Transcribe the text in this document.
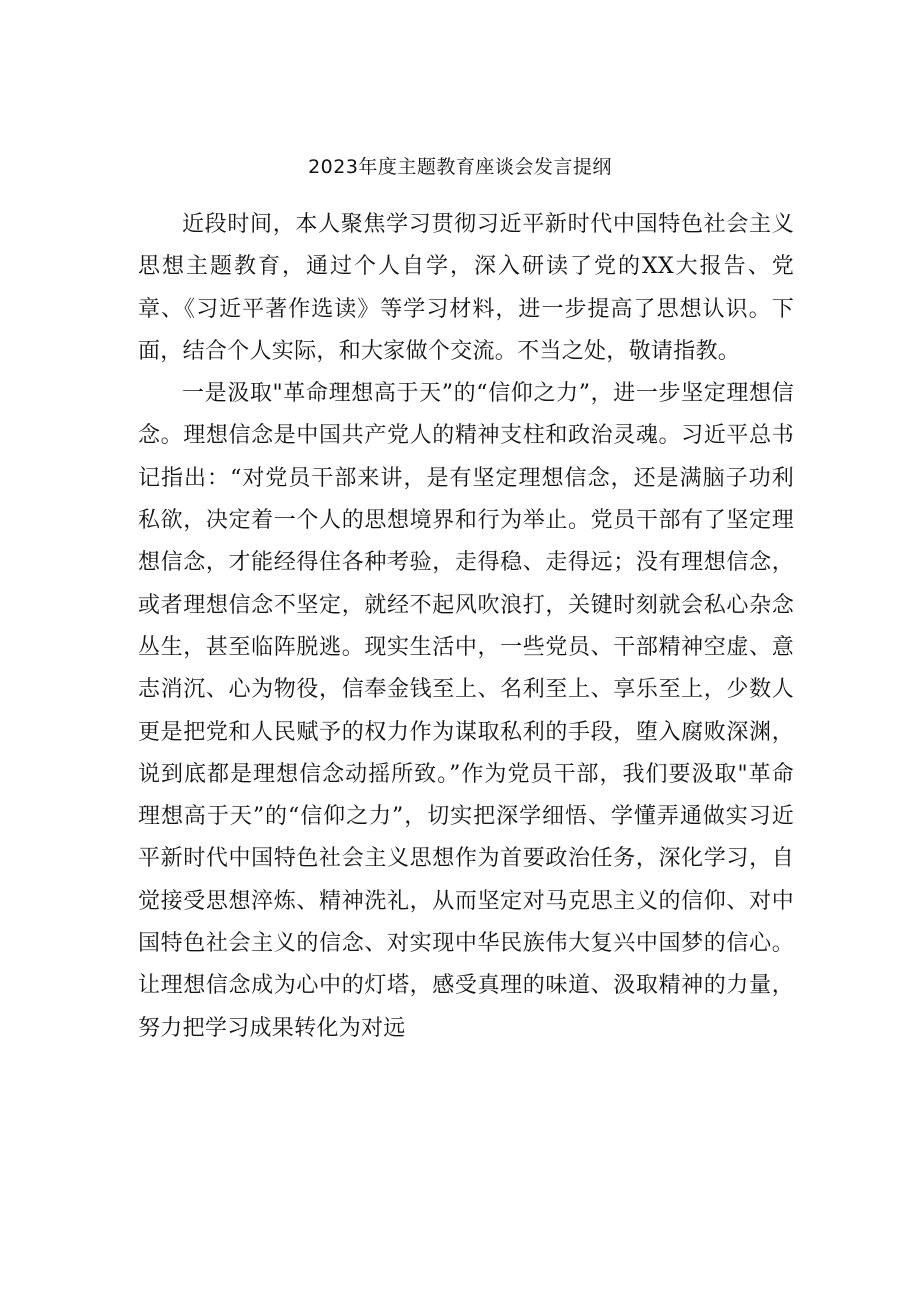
2023年度主题教育座谈会发言提纲

近段时间，本人聚焦学习贯彻习近平新时代中国特色社会主义思想主题教育，通过个人自学，深入研读了党的XX大报告、党章、《习近平著作选读》等学习材料，进一步提高了思想认识。下面，结合个人实际，和大家做个交流。不当之处，敬请指教。

一是汲取"革命理想高于天”的“信仰之力”，进一步坚定理想信念。理想信念是中国共产党人的精神支柱和政治灵魂。习近平总书记指出：“对党员干部来讲，是有坚定理想信念，还是满脑子功利私欲，决定着一个人的思想境界和行为举止。党员干部有了坚定理想信念，才能经得住各种考验，走得稳、走得远；没有理想信念，或者理想信念不坚定，就经不起风吹浪打，关键时刻就会私心杂念丛生，甚至临阵脱逃。现实生活中，一些党员、干部精神空虚、意志消沉、心为物役，信奉金钱至上、名利至上、享乐至上，少数人更是把党和人民赋予的权力作为谋取私利的手段，堕入腐败深渊，说到底都是理想信念动摇所致。”作为党员干部，我们要汲取"革命理想高于天”的“信仰之力”，切实把深学细悟、学懂弄通做实习近平新时代中国特色社会主义思想作为首要政治任务，深化学习，自觉接受思想淬炼、精神洗礼，从而坚定对马克思主义的信仰、对中国特色社会主义的信念、对实现中华民族伟大复兴中国梦的信心。让理想信念成为心中的灯塔，感受真理的味道、汲取精神的力量，努力把学习成果转化为对远
